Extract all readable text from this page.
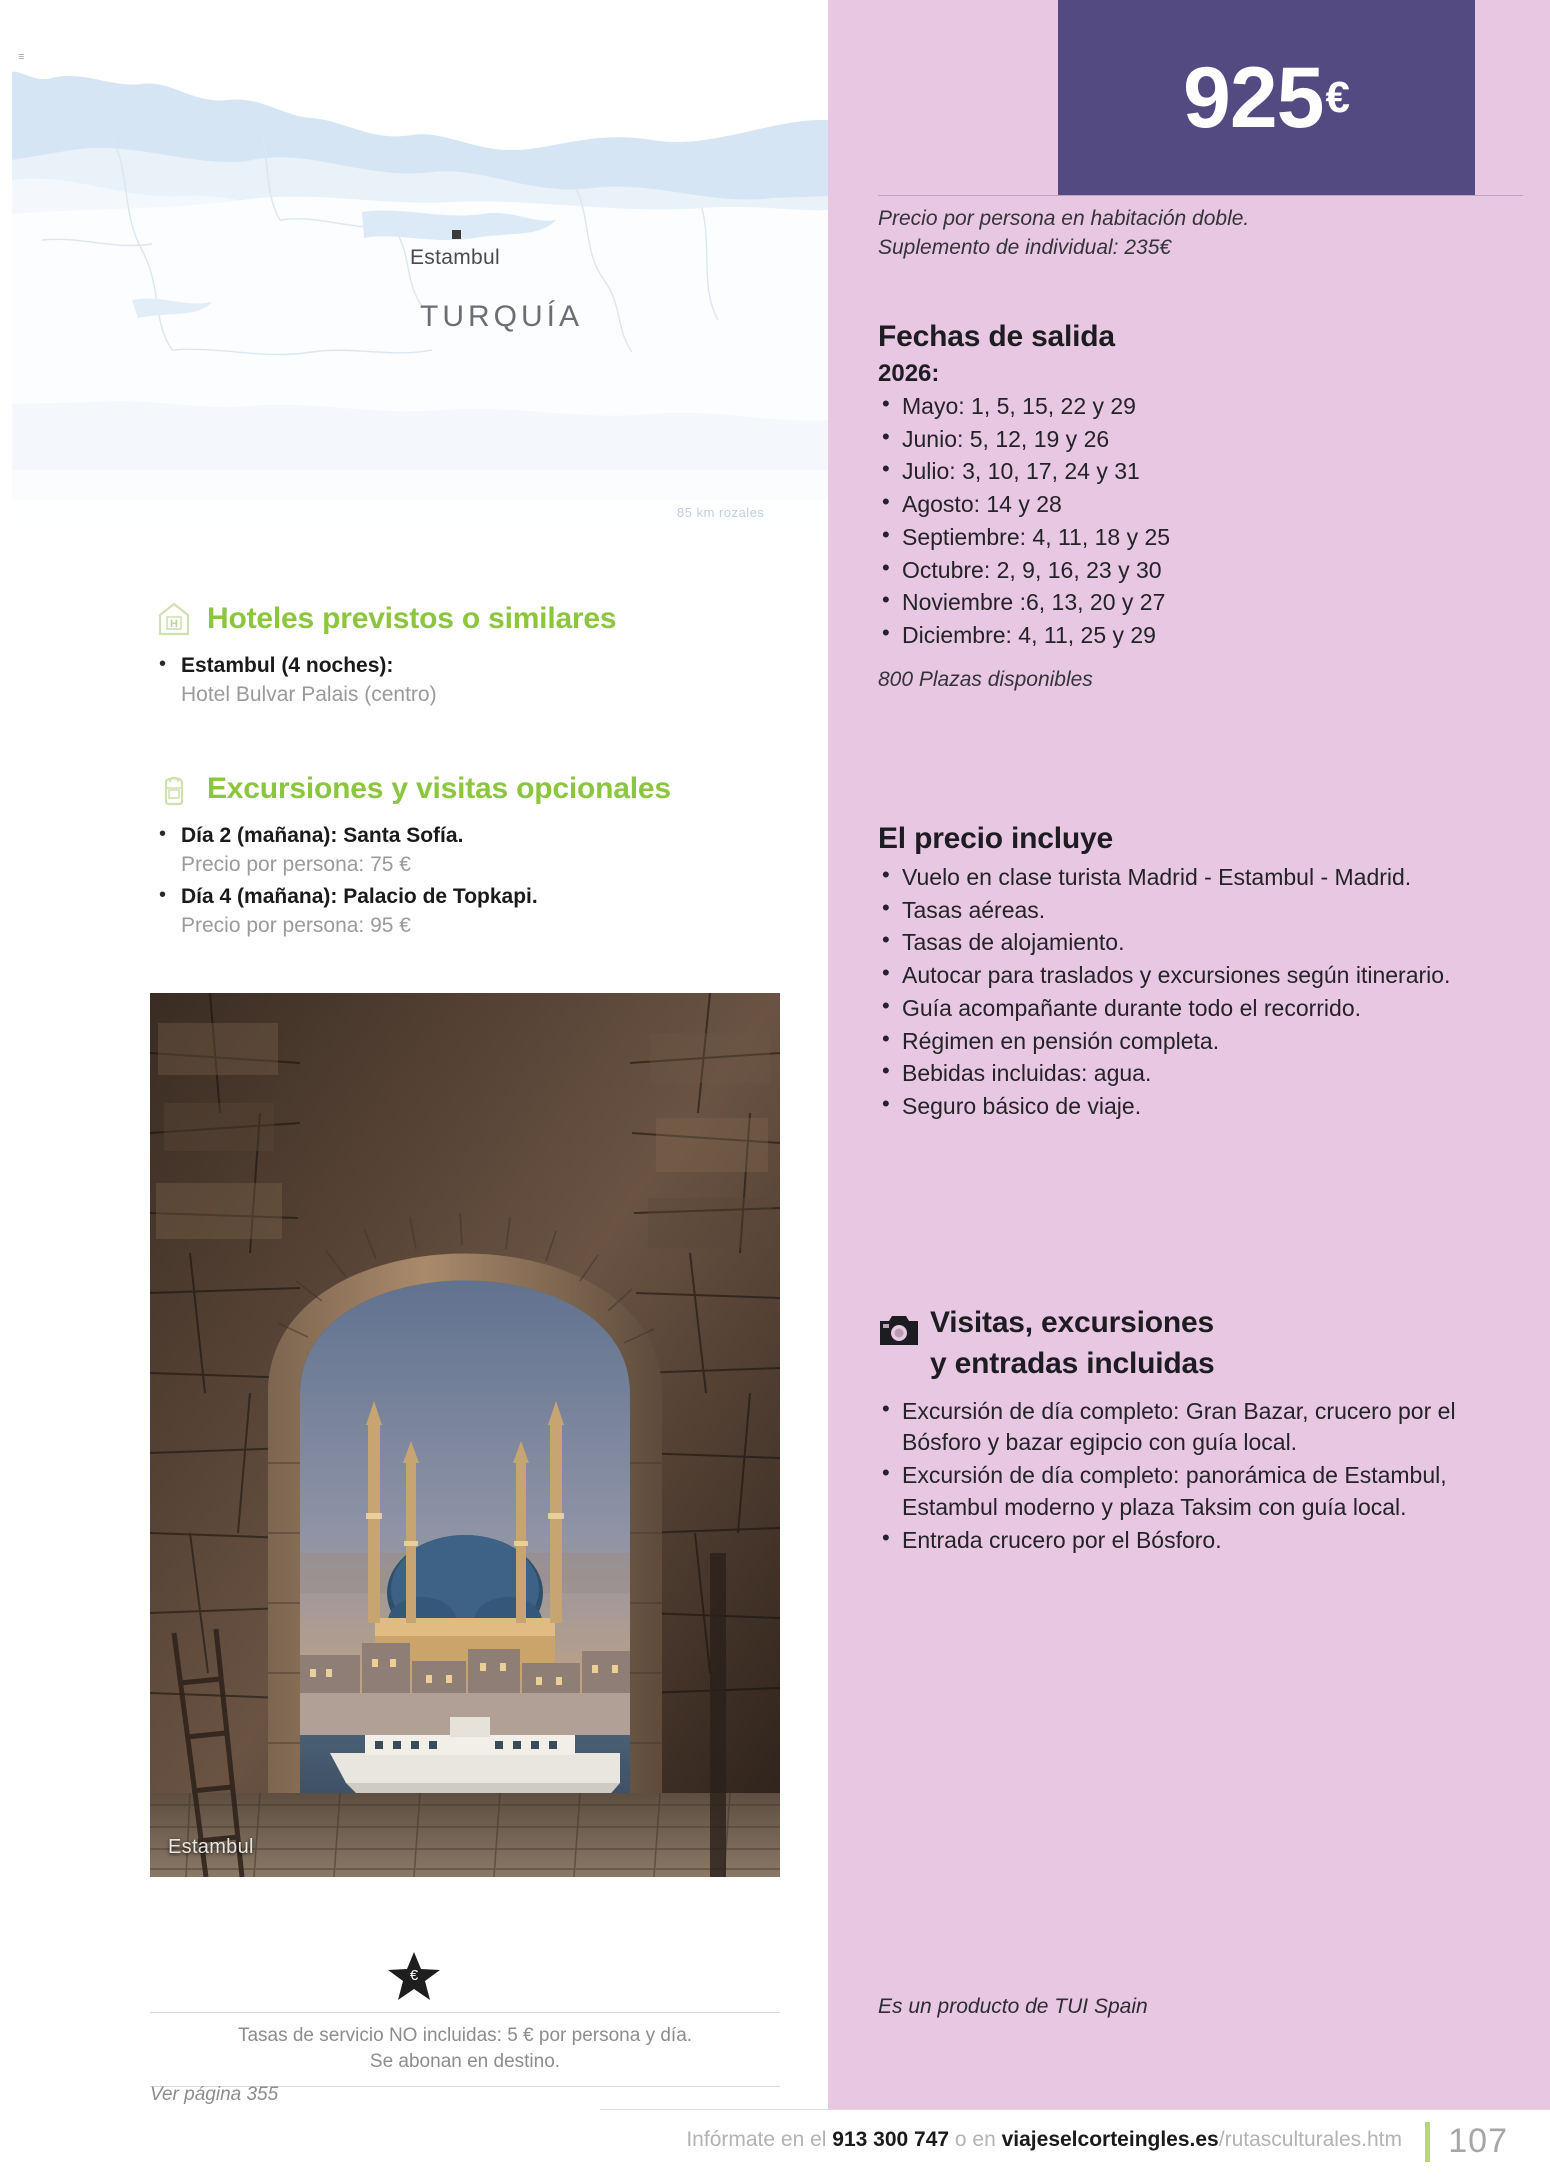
≡
Estambul
TURQUÍA
85 km rozales
H Hoteles previstos o similares
• Estambul (4 noches):
Hotel Bulvar Palais (centro)
Excursiones y visitas opcionales
• Día 2 (mañana): Santa Sofía.
Precio por persona: 75 €
• Día 4 (mañana): Palacio de Topkapi.
Precio por persona: 95 €
Estambul
€

Tasas de servicio NO incluidas: 5 € por persona y día.

Se abonan en destino.

Ver página 355
925 €

Precio por persona en habitación doble.

Suplemento de individual: 235€

Fechas de salida

2026:

• Mayo: 1, 5, 15, 22 y 29
• Junio: 5, 12, 19 y 26
• Julio: 3, 10, 17, 24 y 31
• Agosto: 14 y 28
• Septiembre: 4, 11, 18 y 25
• Octubre: 2, 9, 16, 23 y 30
• Noviembre :6, 13, 20 y 27
• Diciembre: 4, 11, 25 y 29

800 Plazas disponibles

El precio incluye

• Vuelo en clase turista Madrid - Estambul - Madrid.
• Tasas aéreas.
• Tasas de alojamiento.
• Autocar para traslados y excursiones según itinerario.
• Guía acompañante durante todo el recorrido.
• Régimen en pensión completa.
• Bebidas incluidas: agua.
• Seguro básico de viaje.
Visitas, excursiones
y entradas incluidas
• Excursión de día completo: Gran Bazar, crucero por el Bósforo y bazar egipcio con guía local.
• Excursión de día completo: panorámica de Estambul, Estambul moderno y plaza Taksim con guía local.
• Entrada crucero por el Bósforo.
Es un producto de TUI Spain
Infórmate en el 913 300 747 o en viajeselcorteingles.es/rutasculturales.htm 107
